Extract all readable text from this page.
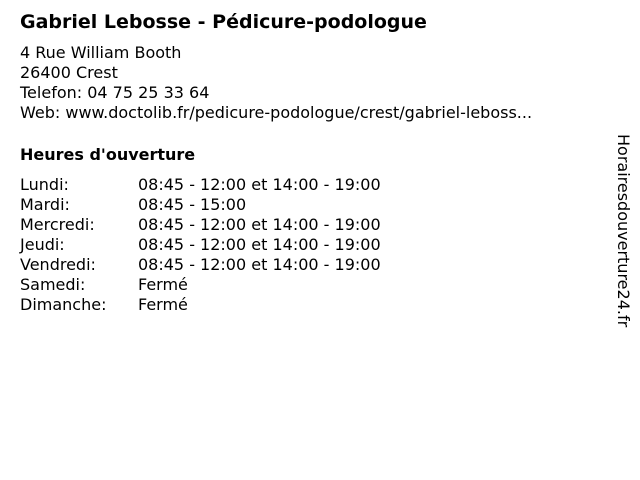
Gabriel Lebosse - Pédicure-podologue
4 Rue William Booth
26400 Crest
Telefon: 04 75 25 33 64
Web: www.doctolib.fr/pedicure-podologue/crest/gabriel-leboss...
Heures d'ouverture
Lundi:	08:45 - 12:00 et 14:00 - 19:00
Mardi:	08:45 - 15:00
Mercredi:	08:45 - 12:00 et 14:00 - 19:00
Jeudi:	08:45 - 12:00 et 14:00 - 19:00
Vendredi:	08:45 - 12:00 et 14:00 - 19:00
Samedi:	Fermé
Dimanche:	Fermé	Horairesdouverture24.fr
